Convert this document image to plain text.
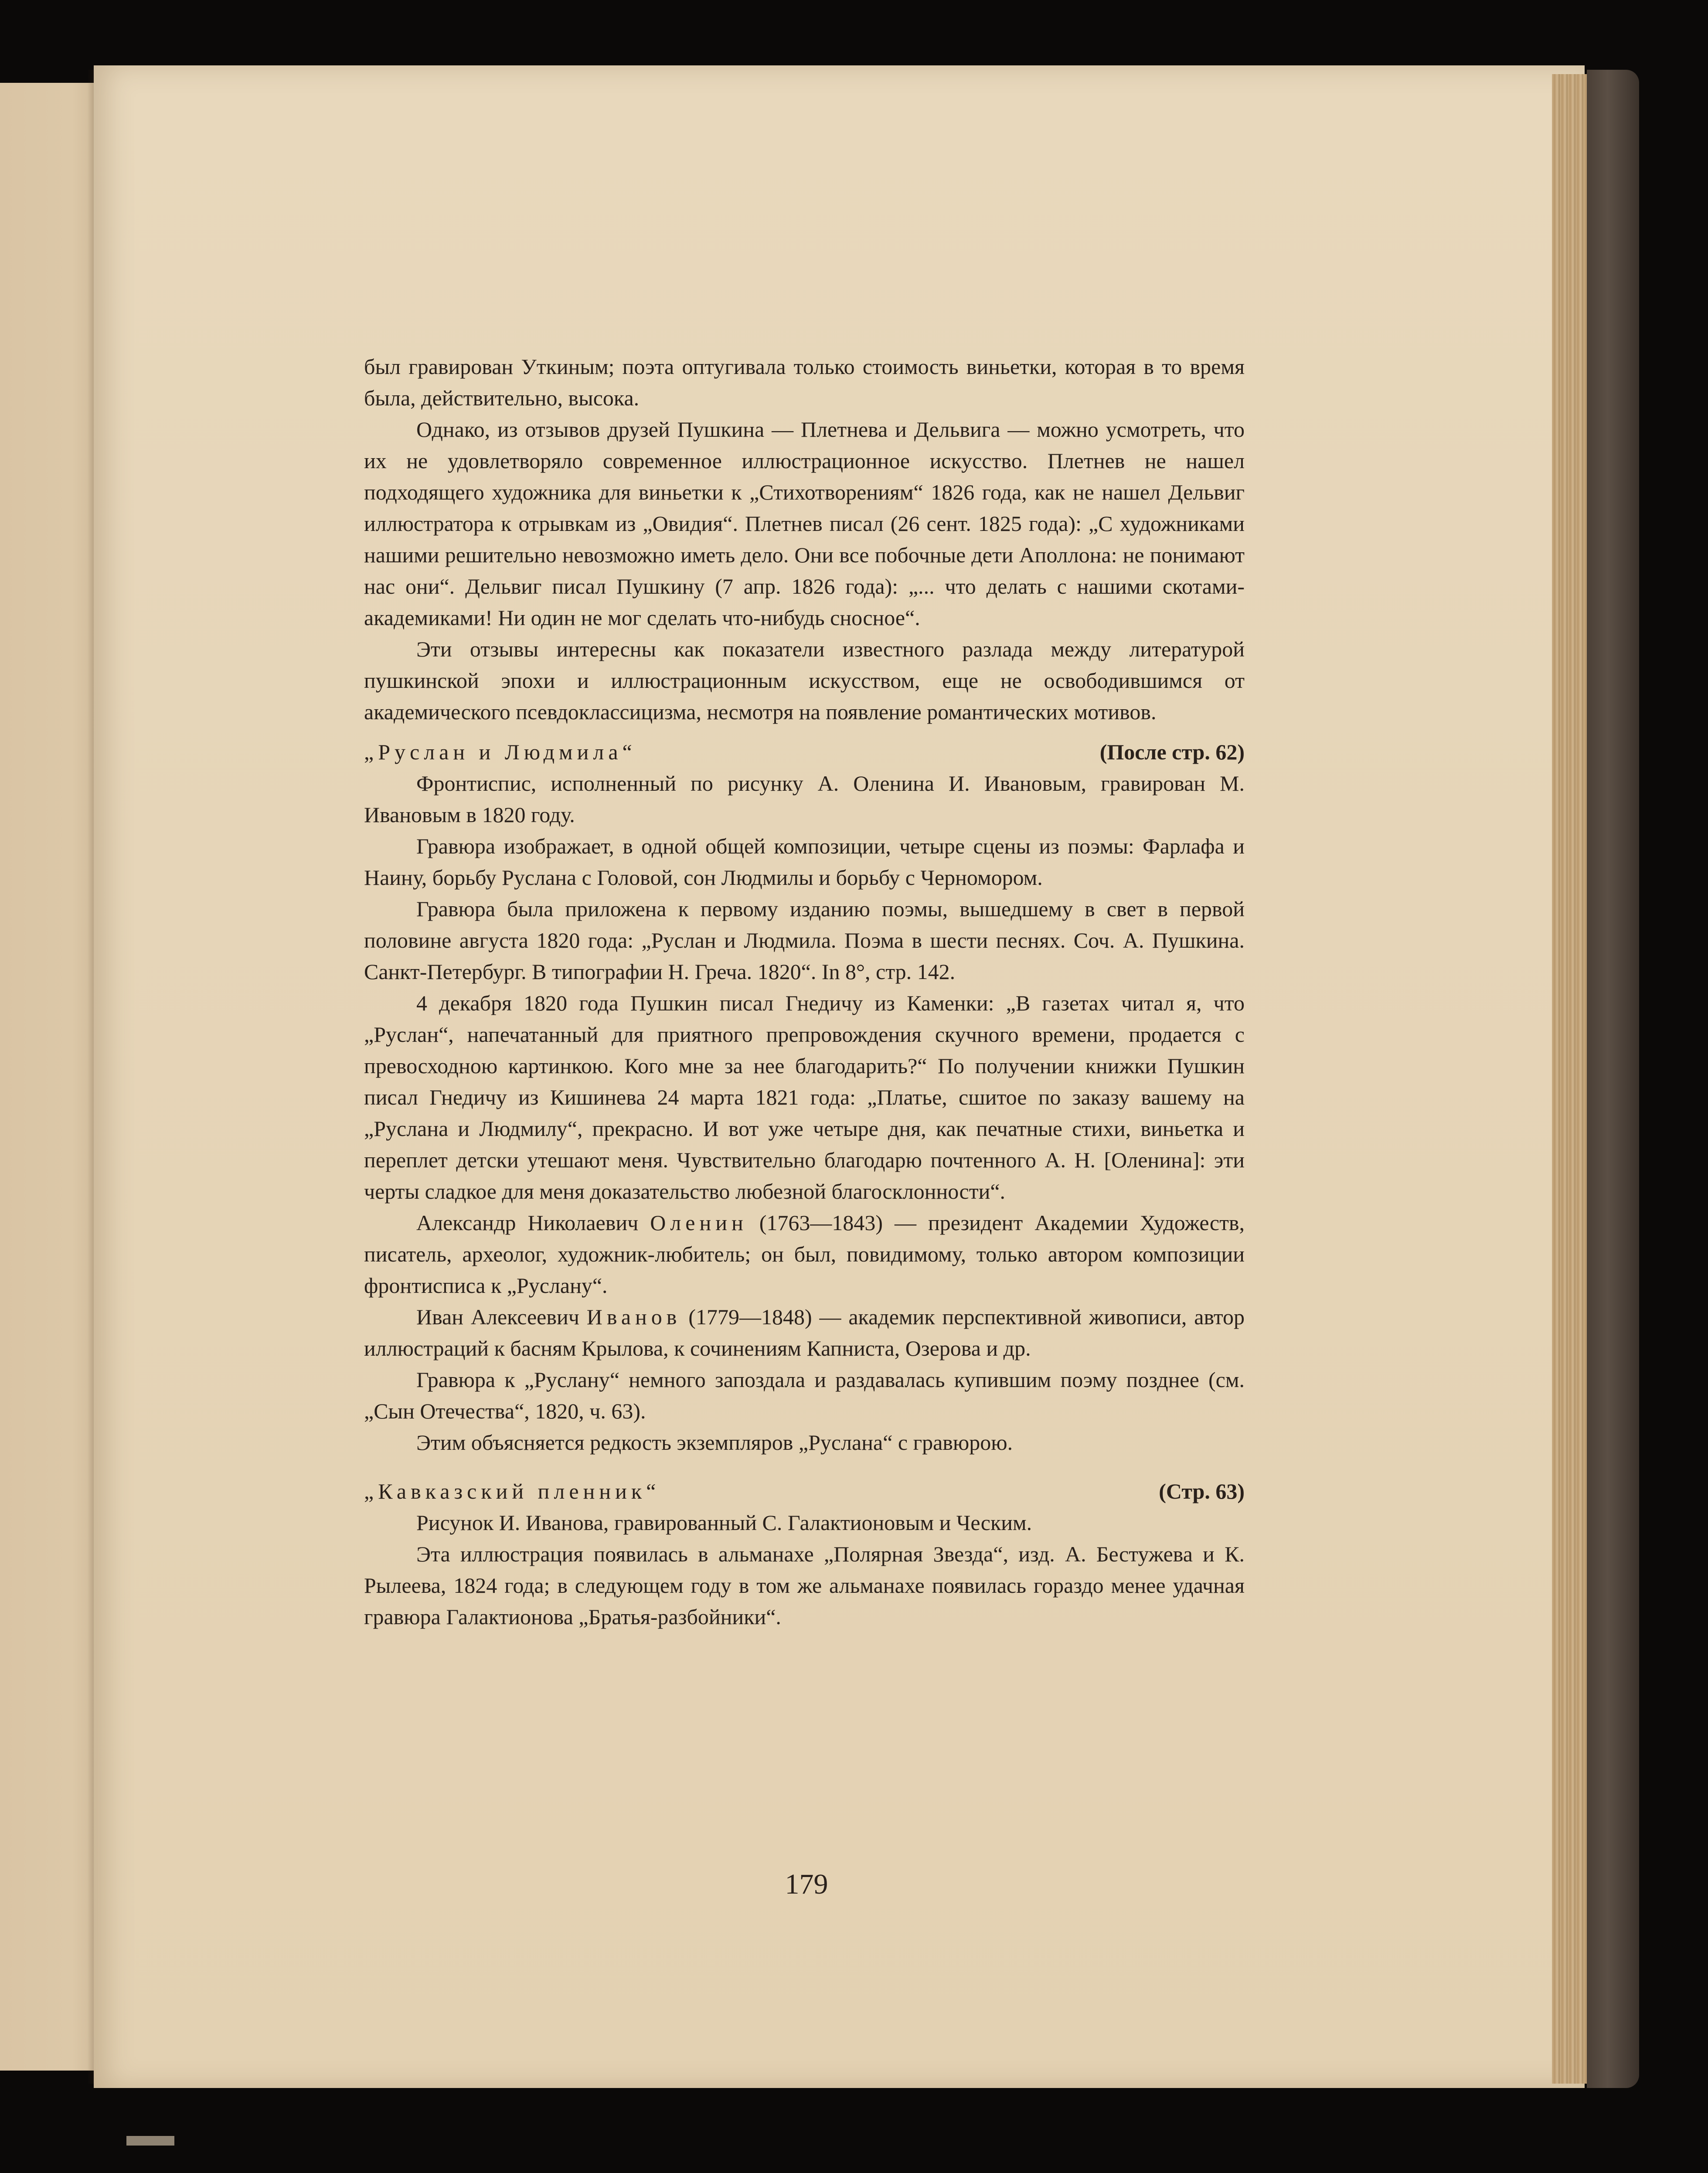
был гравирован Уткиным; поэта оптугивала только стоимость виньетки, которая в то время была, действительно, высока.

Однако, из отзывов друзей Пушкина — Плетнева и Дельвига — можно усмотреть, что их не удовлетворяло современное иллюстрационное искусство. Плетнев не нашел подходящего художника для виньетки к „Стихотворениям“ 1826 года, как не нашел Дельвиг иллюстратора к отрывкам из „Овидия“. Плетнев писал (26 сент. 1825 года): „С художниками нашими решительно невозможно иметь дело. Они все побочные дети Аполлона: не понимают нас они“. Дельвиг писал Пушкину (7 апр. 1826 года): „... что делать с нашими скотами-академиками! Ни один не мог сделать что-нибудь сносное“.

Эти отзывы интересны как показатели известного разлада между литературой пушкинской эпохи и иллюстрационным искусством, еще не освободившимся от академического псевдоклассицизма, несмотря на появление романтических мотивов.

„Руслан и Людмила“	(После стр. 62)

Фронтиспис, исполненный по рисунку А. Оленина И. Ивановым, гравирован М. Ивановым в 1820 году.

Гравюра изображает, в одной общей композиции, четыре сцены из поэмы: Фарлафа и Наину, борьбу Руслана с Головой, сон Людмилы и борьбу с Черномором.

Гравюра была приложена к первому изданию поэмы, вышедшему в свет в первой половине августа 1820 года: „Руслан и Людмила. Поэма в шести песнях. Соч. А. Пушкина. Санкт-Петербург. В типографии Н. Греча. 1820“. In 8°, стр. 142.

4 декабря 1820 года Пушкин писал Гнедичу из Каменки: „В газетах читал я, что „Руслан“, напечатанный для приятного препровождения скучного времени, продается с превосходною картинкою. Кого мне за нее благодарить?“ По получении книжки Пушкин писал Гнедичу из Кишинева 24 марта 1821 года: „Платье, сшитое по заказу вашему на „Руслана и Людмилу“, прекрасно. И вот уже четыре дня, как печатные стихи, виньетка и переплет детски утешают меня. Чувствительно благодарю почтенного А. Н. [Оленина]: эти черты сладкое для меня доказательство любезной благосклонности“.

Александр Николаевич Оленин (1763—1843) — президент Академии Художеств, писатель, археолог, художник-любитель; он был, повидимому, только автором композиции фронтисписа к „Руслану“.

Иван Алексеевич Иванов (1779—1848) — академик перспективной живописи, автор иллюстраций к басням Крылова, к сочинениям Капниста, Озерова и др.

Гравюра к „Руслану“ немного запоздала и раздавалась купившим поэму позднее (см. „Сын Отечества“, 1820, ч. 63).

Этим объясняется редкость экземпляров „Руслана“ с гравюрою.

„Кавказский пленник“	(Стр. 63)

Рисунок И. Иванова, гравированный С. Галактионовым и Ческим.

Эта иллюстрация появилась в альманахе „Полярная Звезда“, изд. А. Бестужева и К. Рылеева, 1824 года; в следующем году в том же альманахе появилась гораздо менее удачная гравюра Галактионова „Братья-разбойники“.

179
